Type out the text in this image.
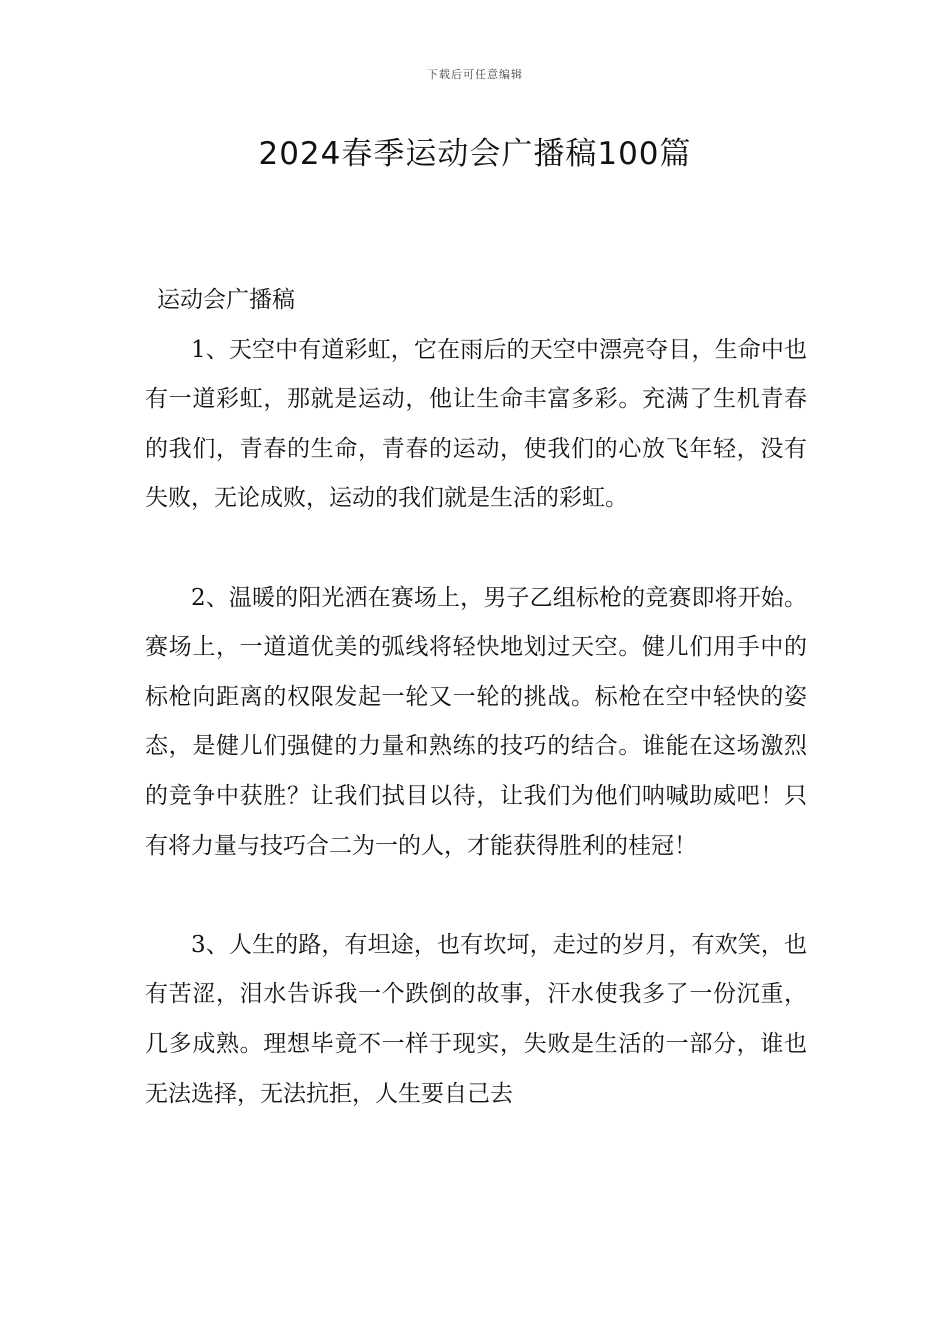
下载后可任意编辑
2024春季运动会广播稿100篇

运动会广播稿

1、天空中有道彩虹，它在雨后的天空中漂亮夺目，生命中也有一道彩虹，那就是运动，他让生命丰富多彩。充满了生机青春的我们，青春的生命，青春的运动，使我们的心放飞年轻，没有失败，无论成败，运动的我们就是生活的彩虹。

2、温暖的阳光洒在赛场上，男子乙组标枪的竞赛即将开始。赛场上，一道道优美的弧线将轻快地划过天空。健儿们用手中的标枪向距离的权限发起一轮又一轮的挑战。标枪在空中轻快的姿态，是健儿们强健的力量和熟练的技巧的结合。谁能在这场激烈的竞争中获胜？让我们拭目以待，让我们为他们呐喊助威吧！只有将力量与技巧合二为一的人，才能获得胜利的桂冠！

3、人生的路，有坦途，也有坎坷，走过的岁月，有欢笑，也有苦涩，泪水告诉我一个跌倒的故事，汗水使我多了一份沉重，几多成熟。理想毕竟不一样于现实，失败是生活的一部分，谁也无法选择，无法抗拒，人生要自己去
